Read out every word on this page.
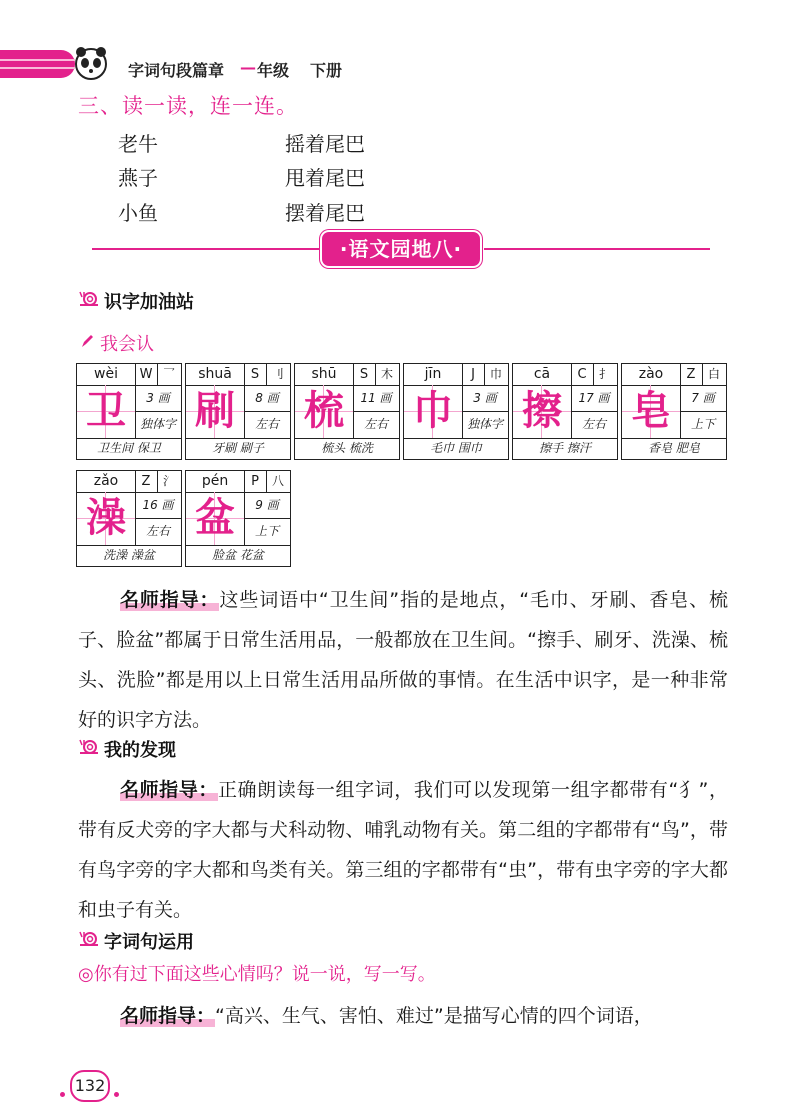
字词句段篇章 — 年级 下册
三、读一读，连一连。
老牛
燕子
小鱼
摇着尾巴
甩着尾巴
摆着尾巴
·语文园地八·
识字加油站
我会认
wèi	W 乛
卫	3 画
独体字
卫生间 保卫
shuā	S	刂
刷	8 画
左右
牙刷 刷子
shū	S	木
梳	11 画
左右
梳头 梳洗
jīn	J	巾
巾	3 画
独体字
毛巾 围巾
cā	C	扌
擦	17 画
左右
擦手 擦汗
zào	Z	白
皂	7 画
上下
香皂 肥皂
zǎo	Z	氵
澡	16 画
左右
洗澡 澡盆
pén	P	八
盆	9 画
上下
脸盆 花盆
名师指导：这些词语中“卫生间”指的是地点，“毛巾、牙刷、香皂、梳子、脸盆”都属于日常生活用品，一般都放在卫生间。“擦手、刷牙、洗澡、梳头、洗脸”都是用以上日常生活用品所做的事情。在生活中识字，是一种非常好的识字方法。
我的发现
名师指导：正确朗读每一组字词，我们可以发现第一组字都带有“犭”，带有反犬旁的字大都与犬科动物、哺乳动物有关。第二组的字都带有“鸟”，带有鸟字旁的字大都和鸟类有关。第三组的字都带有“虫”，带有虫字旁的字大都和虫子有关。
字词句运用
◎你有过下面这些心情吗？说一说，写一写。
名师指导：“高兴、生气、害怕、难过”是描写心情的四个词语，
132
